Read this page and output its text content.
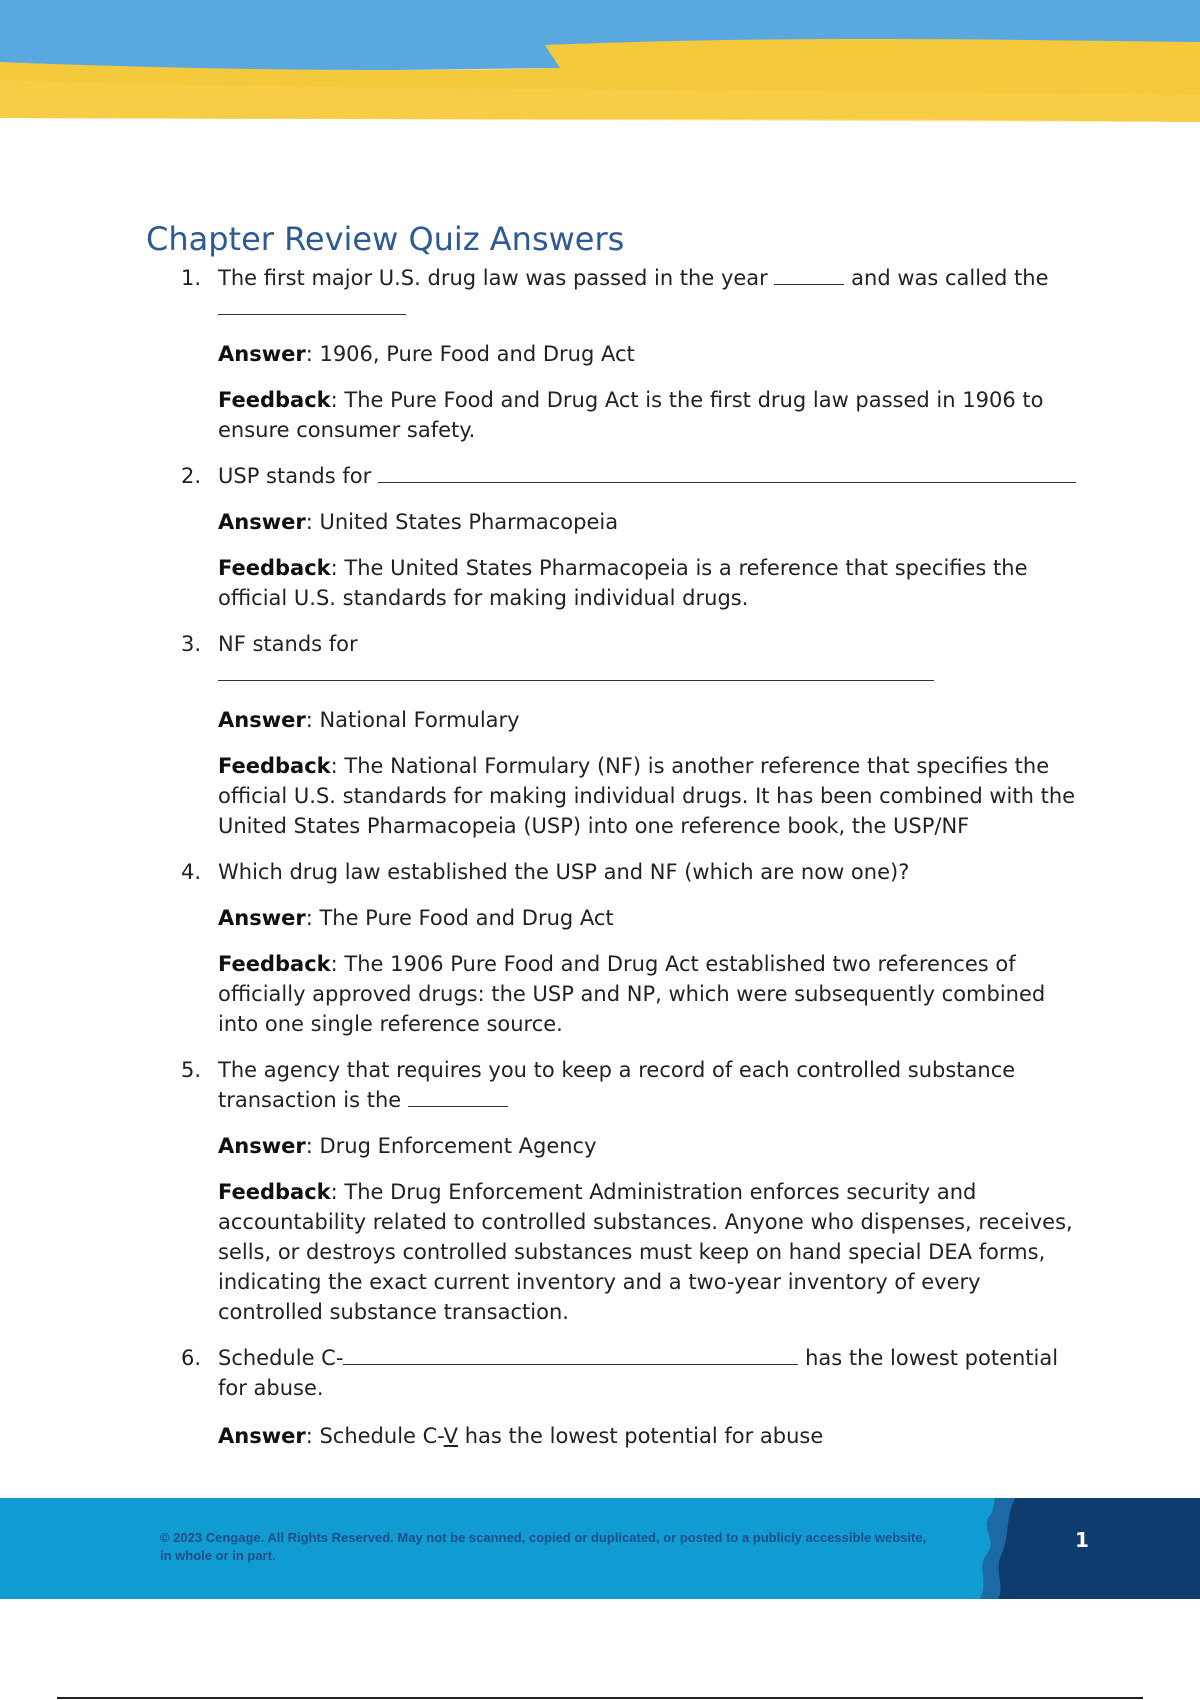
Chapter Review Quiz Answers
1. The first major U.S. drug law was passed in the year	and was called the

Answer: 1906, Pure Food and Drug Act

Feedback: The Pure Food and Drug Act is the first drug law passed in 1906 to ensure consumer safety.

2. USP stands for

Answer: United States Pharmacopeia

Feedback: The United States Pharmacopeia is a reference that specifies the official U.S. standards for making individual drugs.

3. NF stands for

Answer: National Formulary

Feedback: The National Formulary (NF) is another reference that specifies the official U.S. standards for making individual drugs. It has been combined with the United States Pharmacopeia (USP) into one reference book, the USP/NF

4. Which drug law established the USP and NF (which are now one)?

Answer: The Pure Food and Drug Act

Feedback: The 1906 Pure Food and Drug Act established two references of officially approved drugs: the USP and NP, which were subsequently combined into one single reference source.

5. The agency that requires you to keep a record of each controlled substance transaction is the

Answer: Drug Enforcement Agency

Feedback: The Drug Enforcement Administration enforces security and accountability related to controlled substances. Anyone who dispenses, receives, sells, or destroys controlled substances must keep on hand special DEA forms, indicating the exact current inventory and a two-year inventory of every controlled substance transaction.

6. Schedule C-	has the lowest potential for abuse.

Answer: Schedule C-V has the lowest potential for abuse

© 2023 Cengage. All Rights Reserved. May not be scanned, copied or duplicated, or posted to a publicly accessible website, in whole or in part.
1
